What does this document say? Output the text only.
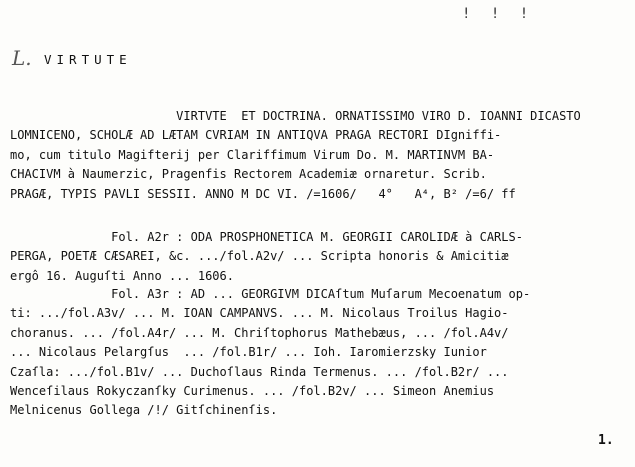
! ! !
L. VIRTUTE
VIRTVTE  ET DOCTRINA. ORNATISSIMO VIRO D. IOANNI DICASTO
LOMNICENO, SCHOLÆ AD LÆTAM CVRIAM IN ANTIQVA PRAGA RECTORI DIgniffi-
mo, cum titulo Magifterij per Clariffimum Virum Do. M. MARTINVM BA-
CHACIVM à Naumerzic, Pragenfis Rectorem Academiæ ornaretur. Scrib.
PRAGÆ, TYPIS PAVLI SESSII. ANNO M DC VI. /=1606/   4°   A⁴, B² /=6/ ff
Fol. A2r : ODA PROSPHONETICA M. GEORGII CAROLIDÆ à CARLS-
PERGA, POETÆ CÆSAREI, &c. .../fol.A2v/ ... Scripta honoris & Amicitiæ
ergô 16. Auguſti Anno ... 1606.
Fol. A3r : AD ... GEORGIVM DICAſtum Muſarum Mecoenatum op-
ti: .../fol.A3v/ ... M. IOAN CAMPANVS. ... M. Nicolaus Troilus Hagio-
choranus. ... /fol.A4r/ ... M. Chriſtophorus Mathebæus, ... /fol.A4v/
... Nicolaus Pelargſus  ... /fol.B1r/ ... Ioh. Iaromierzsky Iunior
Czaſla: .../fol.B1v/ ... Duchoſlaus Rinda Termenus. ... /fol.B2r/ ...
Wenceſilaus Rokyczanſky Curimenus. ... /fol.B2v/ ... Simeon Anemius
Melnicenus Gollega /!/ Gitſchinenſis.
1.
